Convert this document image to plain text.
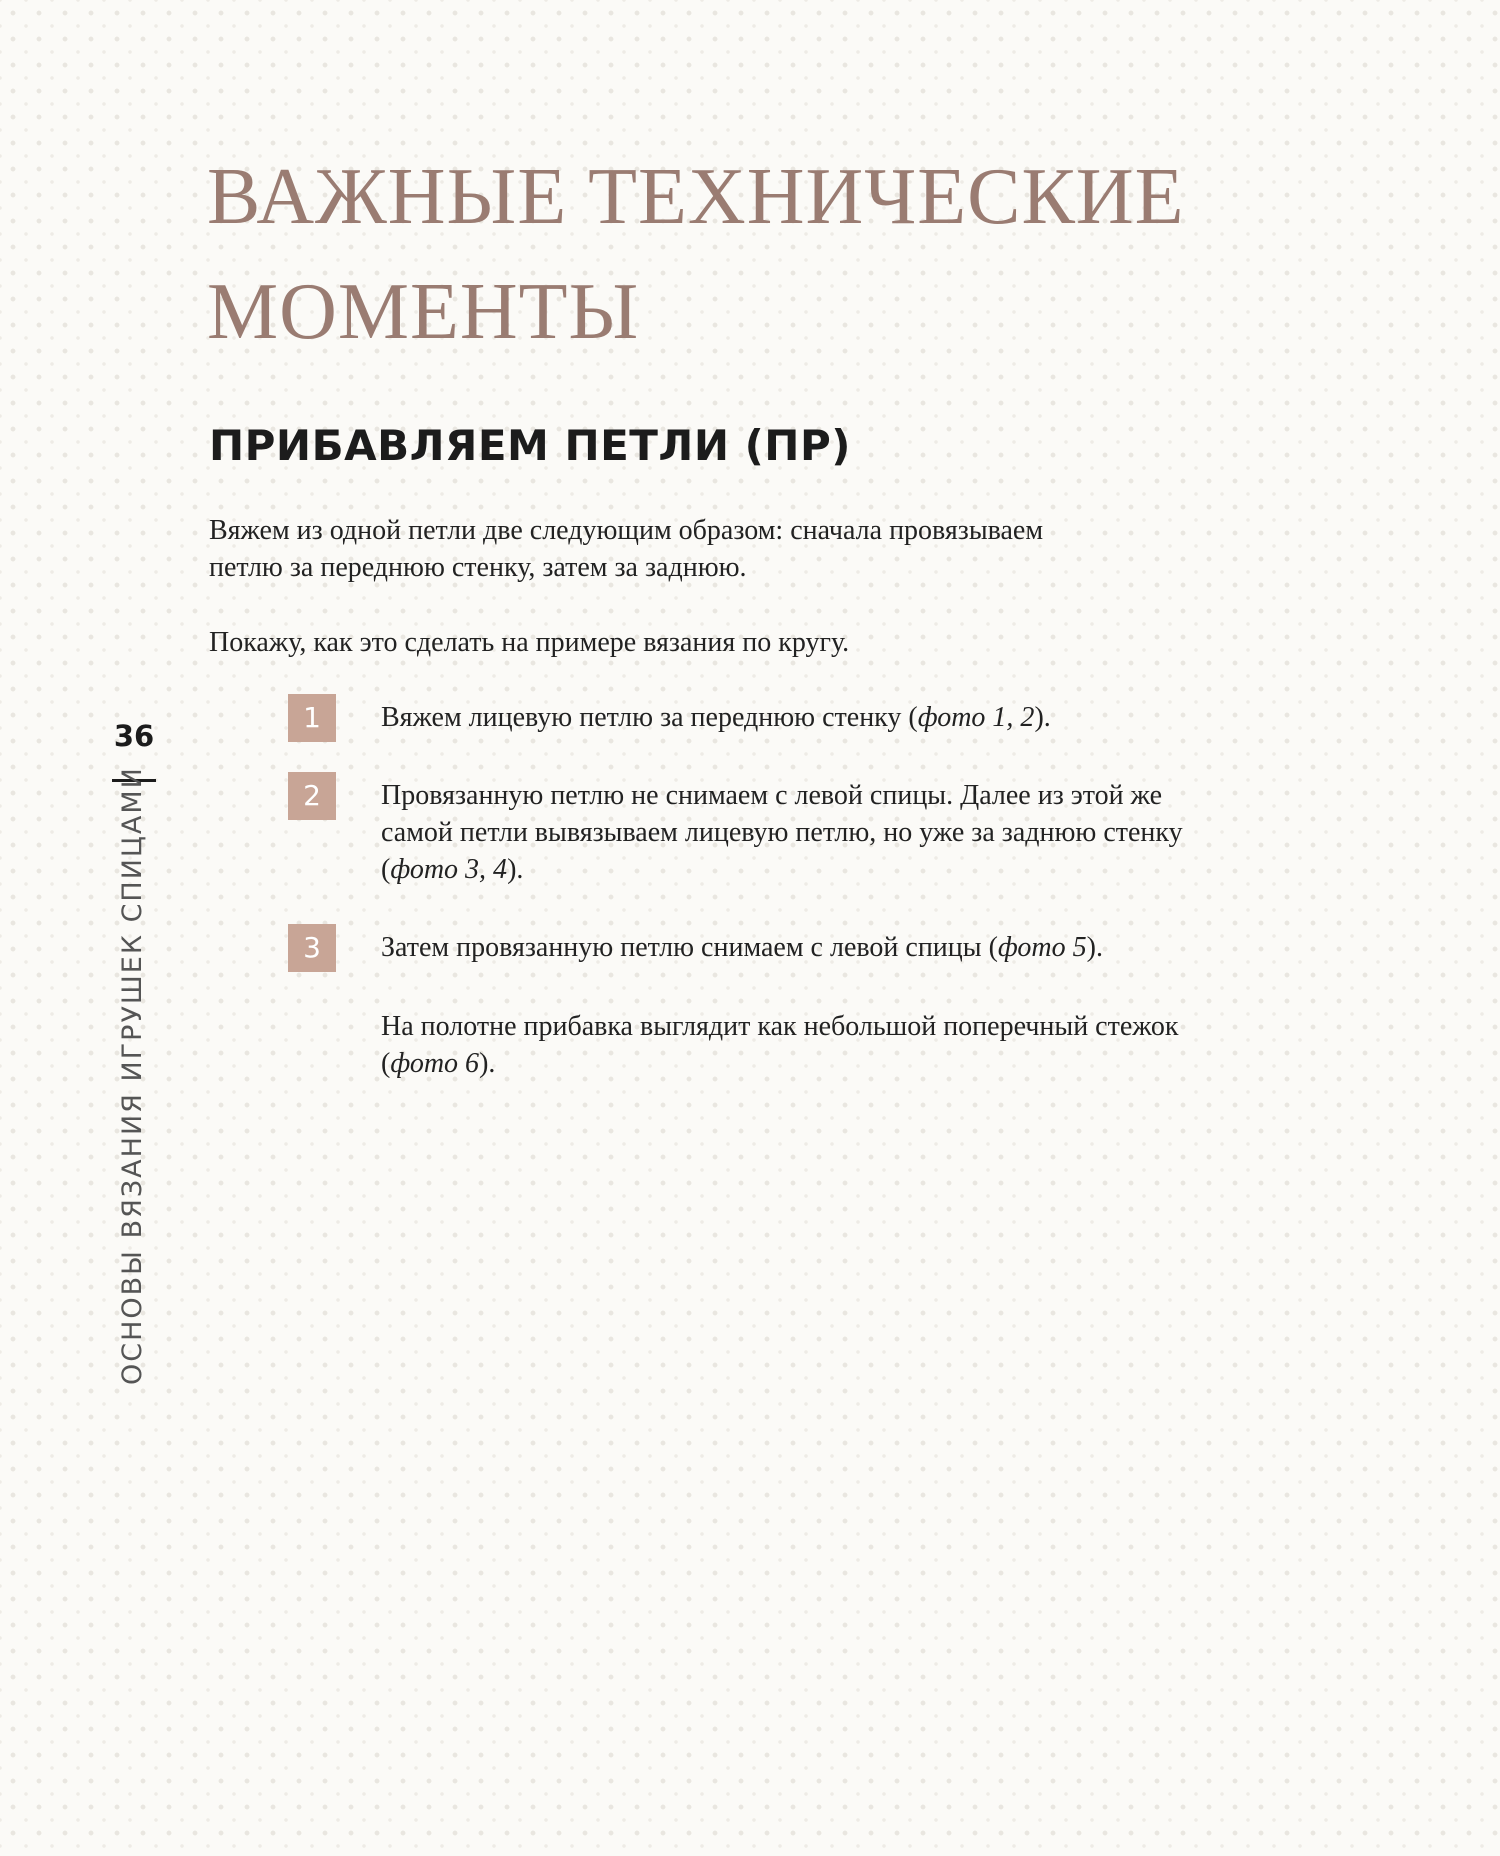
ВАЖНЫЕ ТЕХНИЧЕСКИЕ
МОМЕНТЫ
ПРИБАВЛЯЕМ ПЕТЛИ (ПР)

Вяжем из одной петли две следующим образом: сначала провязываем
петлю за переднюю стенку, затем за заднюю.

Покажу, как это сделать на примере вязания по кругу.

1	Вяжем лицевую петлю за переднюю стенку (фото 1, 2).

2	Провязанную петлю не снимаем с левой спицы. Далее из этой же
самой петли вывязываем лицевую петлю, но уже за заднюю стенку
(фото 3, 4).

3	Затем провязанную петлю снимаем с левой спицы (фото 5).

На полотне прибавка выглядит как небольшой поперечный стежок
(фото 6).

36
ОСНОВЫ ВЯЗАНИЯ ИГРУШЕК СПИЦАМИ
